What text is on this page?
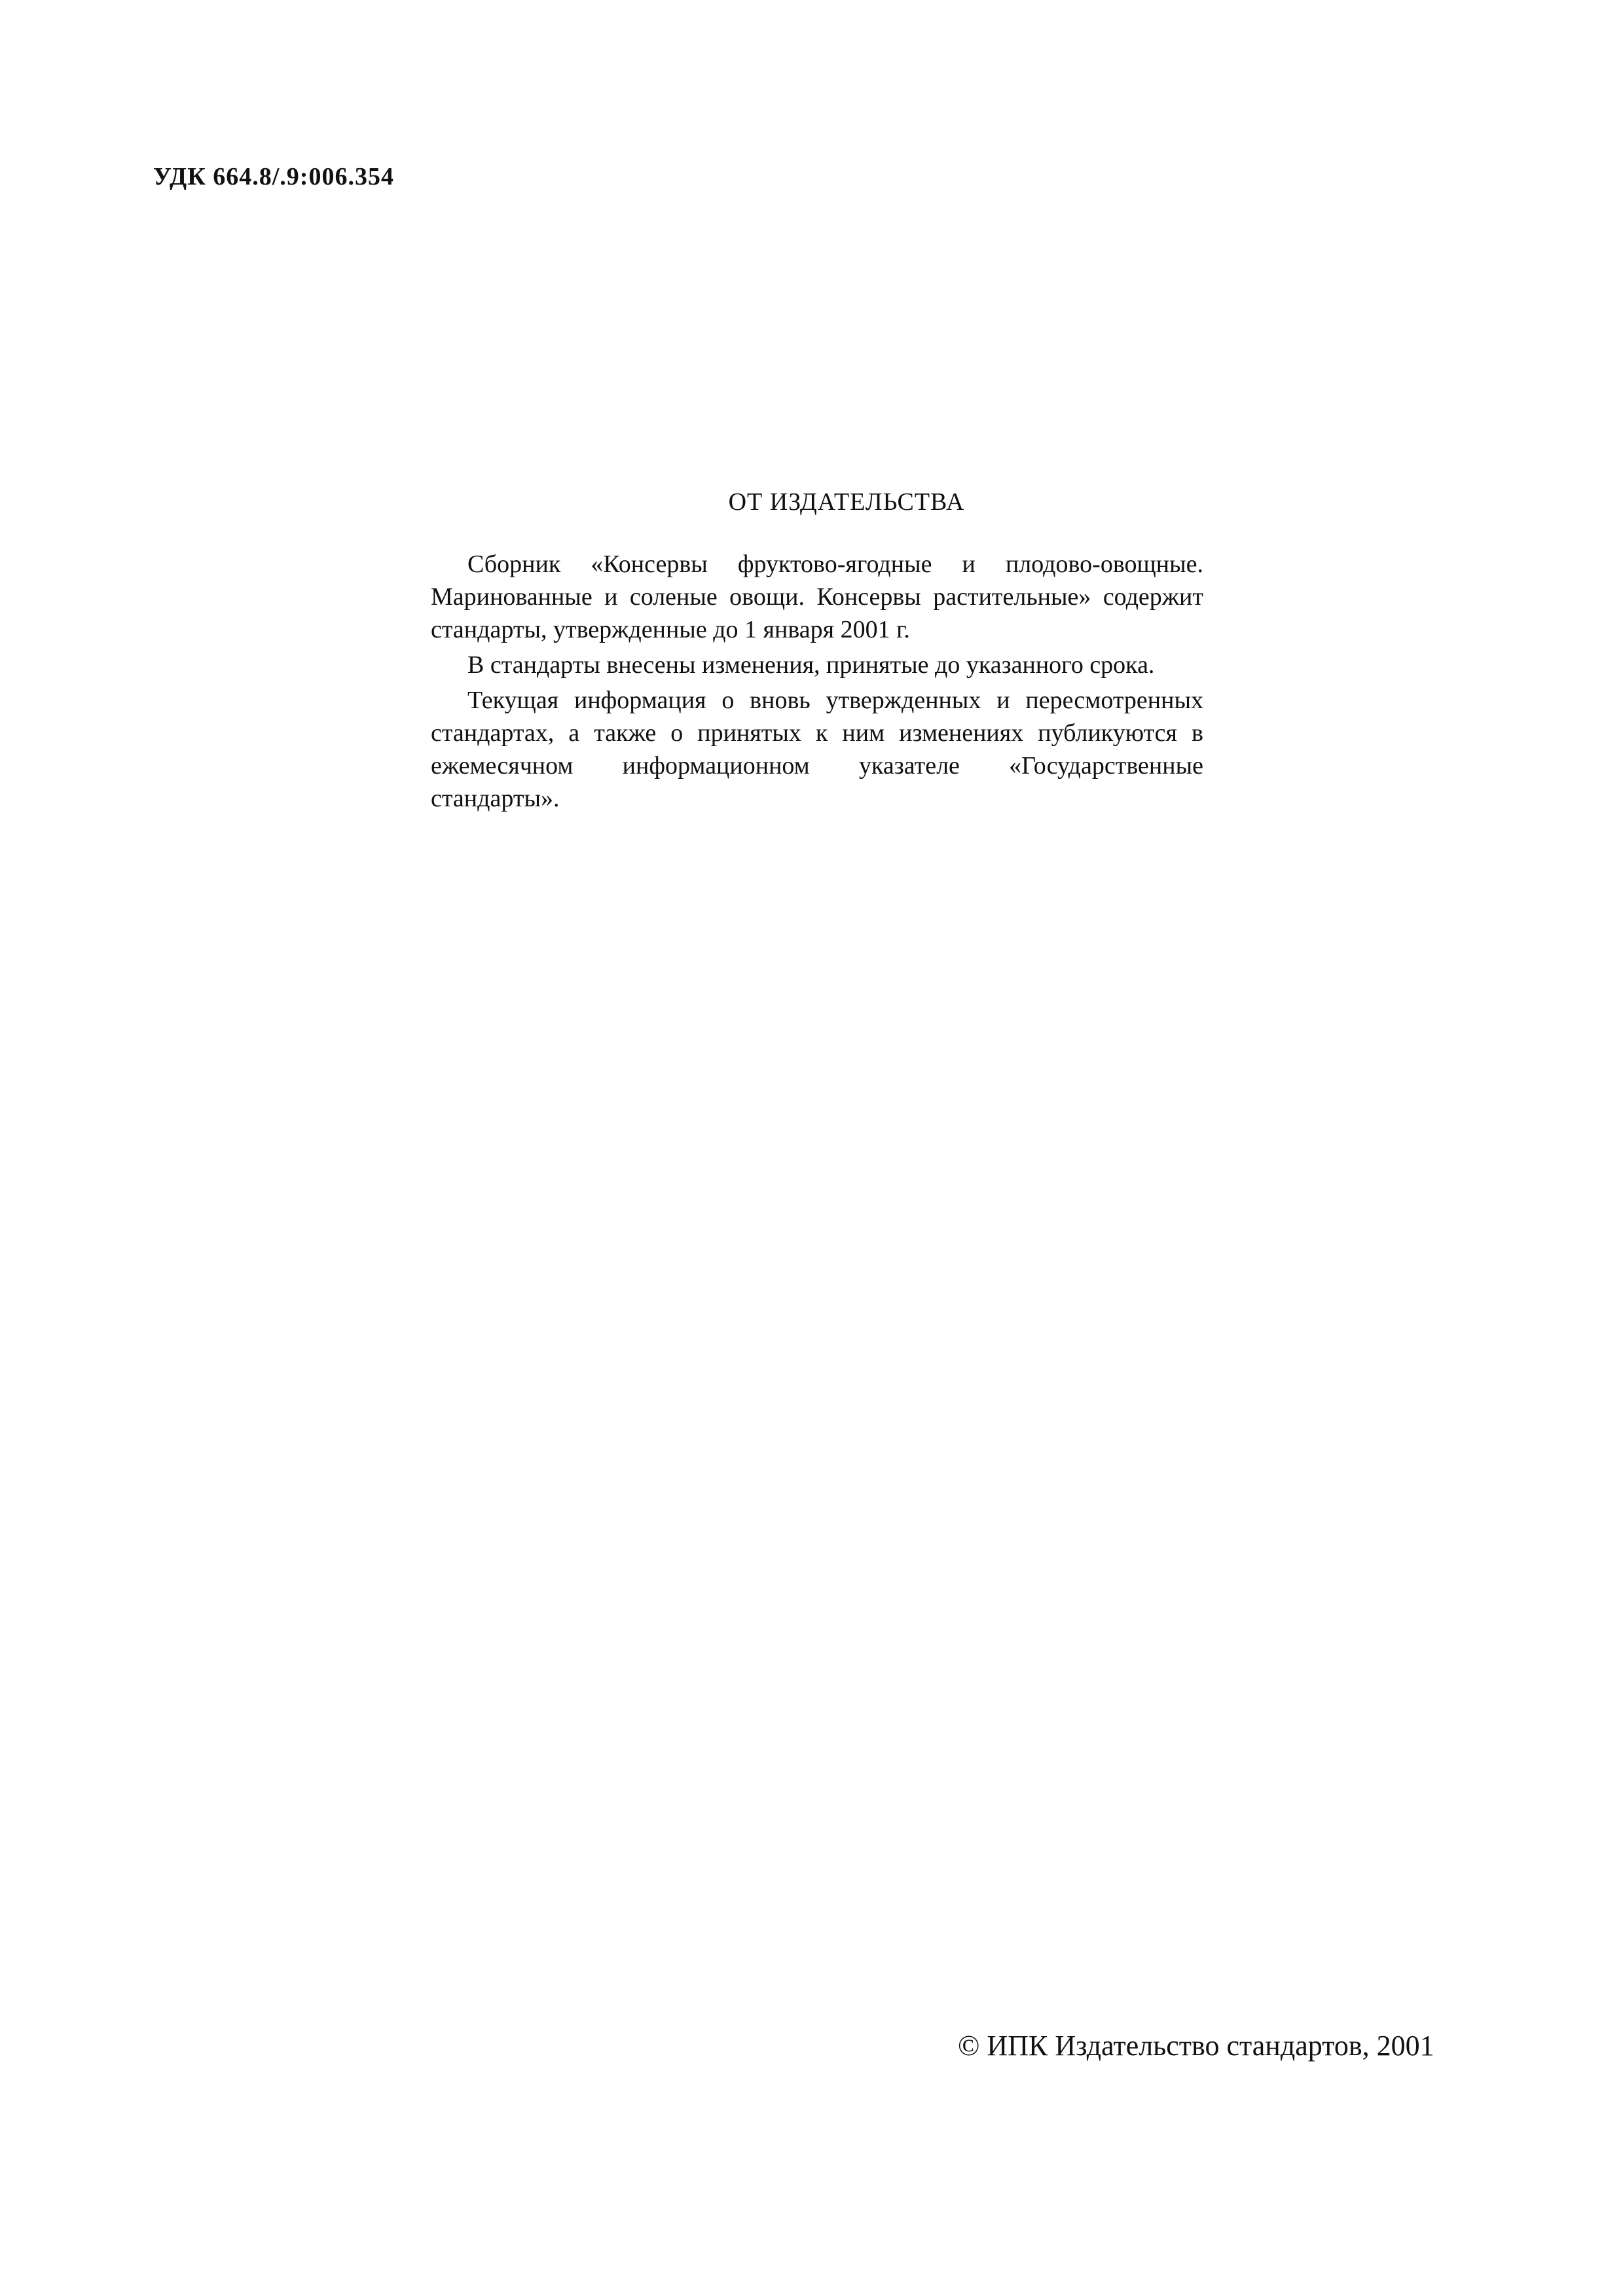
УДК 664.8/.9:006.354
ОТ ИЗДАТЕЛЬСТВА

Сборник «Консервы фруктово-ягодные и плодово-овощные. Маринованные и соленые овощи. Консервы растительные» содержит стандарты, утвержденные до 1 января 2001 г.

В стандарты внесены изменения, принятые до указанного срока.

Текущая информация о вновь утвержденных и пересмотренных стандартах, а также о принятых к ним изменениях публикуются в ежемесячном информационном указателе «Государственные стандарты».

© ИПК Издательство стандартов, 2001
